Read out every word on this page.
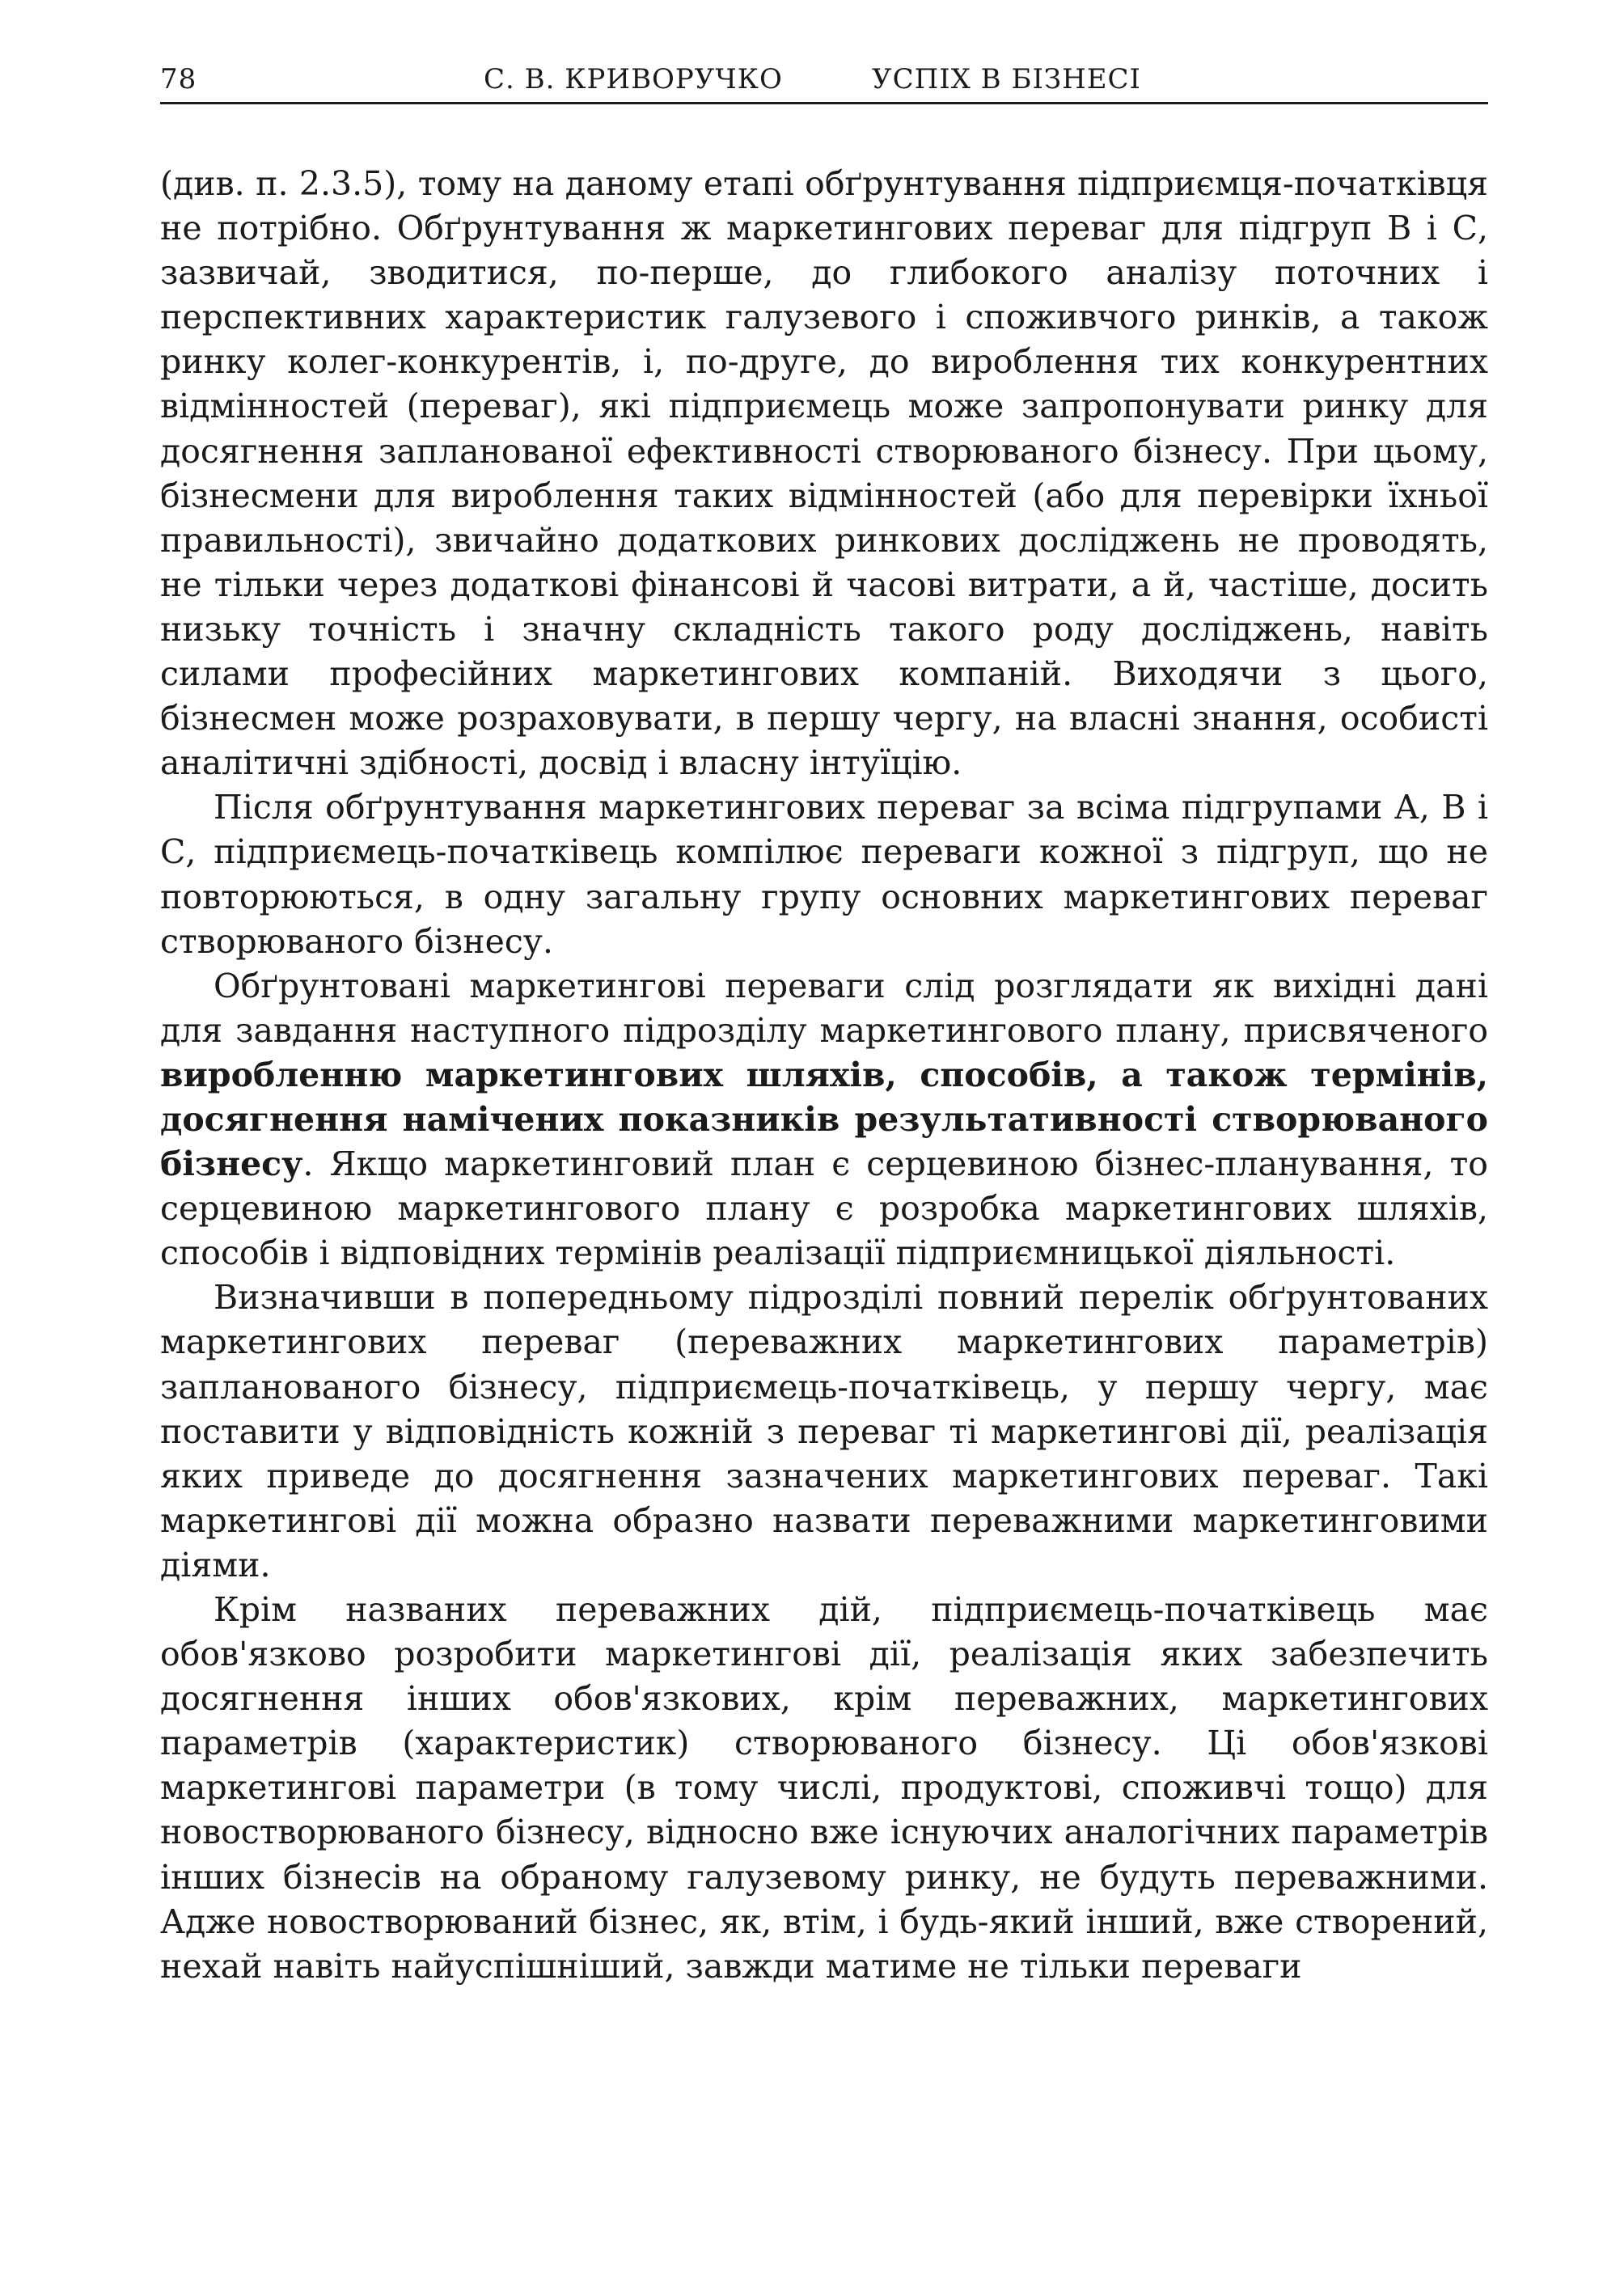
78	С. В. КРИВОРУЧКО	УСПІХ В БІЗНЕСІ

(див. п. 2.3.5), тому на даному етапі обґрунтування підприємця-початківця не потрібно. Обґрунтування ж маркетингових переваг для підгруп В і С, зазвичай, зводитися, по-перше, до глибокого аналізу поточних і перспективних характеристик галузевого і споживчого ринків, а також ринку колег-конкурентів, і, по-друге, до вироблення тих конкурентних відмінностей (переваг), які підприємець може запропонувати ринку для досягнення запланованої ефективності створюваного бізнесу. При цьому, бізнесмени для вироблення таких відмінностей (або для перевірки їхньої правильності), звичайно додаткових ринкових досліджень не проводять, не тільки через додаткові фінансові й часові витрати, а й, частіше, досить низьку точність і значну складність такого роду досліджень, навіть силами професійних маркетингових компаній. Виходячи з цього, бізнесмен може розраховувати, в першу чергу, на власні знання, особисті аналітичні здібності, досвід і власну інтуїцію.

Після обґрунтування маркетингових переваг за всіма підгрупами А, В і С, підприємець-початківець компілює переваги кожної з підгруп, що не повторюються, в одну загальну групу основних маркетингових переваг створюваного бізнесу.

Обґрунтовані маркетингові переваги слід розглядати як вихідні дані для завдання наступного підрозділу маркетингового плану, присвяченого виробленню маркетингових шляхів, способів, а також термінів, досягнення намічених показників результативності створюваного бізнесу. Якщо маркетинговий план є серцевиною бізнес-планування, то серцевиною маркетингового плану є розробка маркетингових шляхів, способів і відповідних термінів реалізації підприємницької діяльності.

Визначивши в попередньому підрозділі повний перелік обґрунтованих маркетингових переваг (переважних маркетингових параметрів) запланованого бізнесу, підприємець-початківець, у першу чергу, має поставити у відповідність кожній з переваг ті маркетингові дії, реалізація яких приведе до досягнення зазначених маркетингових переваг. Такі маркетингові дії можна образно назвати переважними маркетинговими діями.

Крім названих переважних дій, підприємець-початківець має обов'язково розробити маркетингові дії, реалізація яких забезпечить досягнення інших обов'язкових, крім переважних, маркетингових параметрів (характеристик) створюваного бізнесу. Ці обов'язкові маркетингові параметри (в тому числі, продуктові, споживчі тощо) для новостворюваного бізнесу, відносно вже існуючих аналогічних параметрів інших бізнесів на обраному галузевому ринку, не будуть переважними. Адже новостворюваний бізнес, як, втім, і будь-який інший, вже створений, нехай навіть найуспішніший, завжди матиме не тільки переваги
